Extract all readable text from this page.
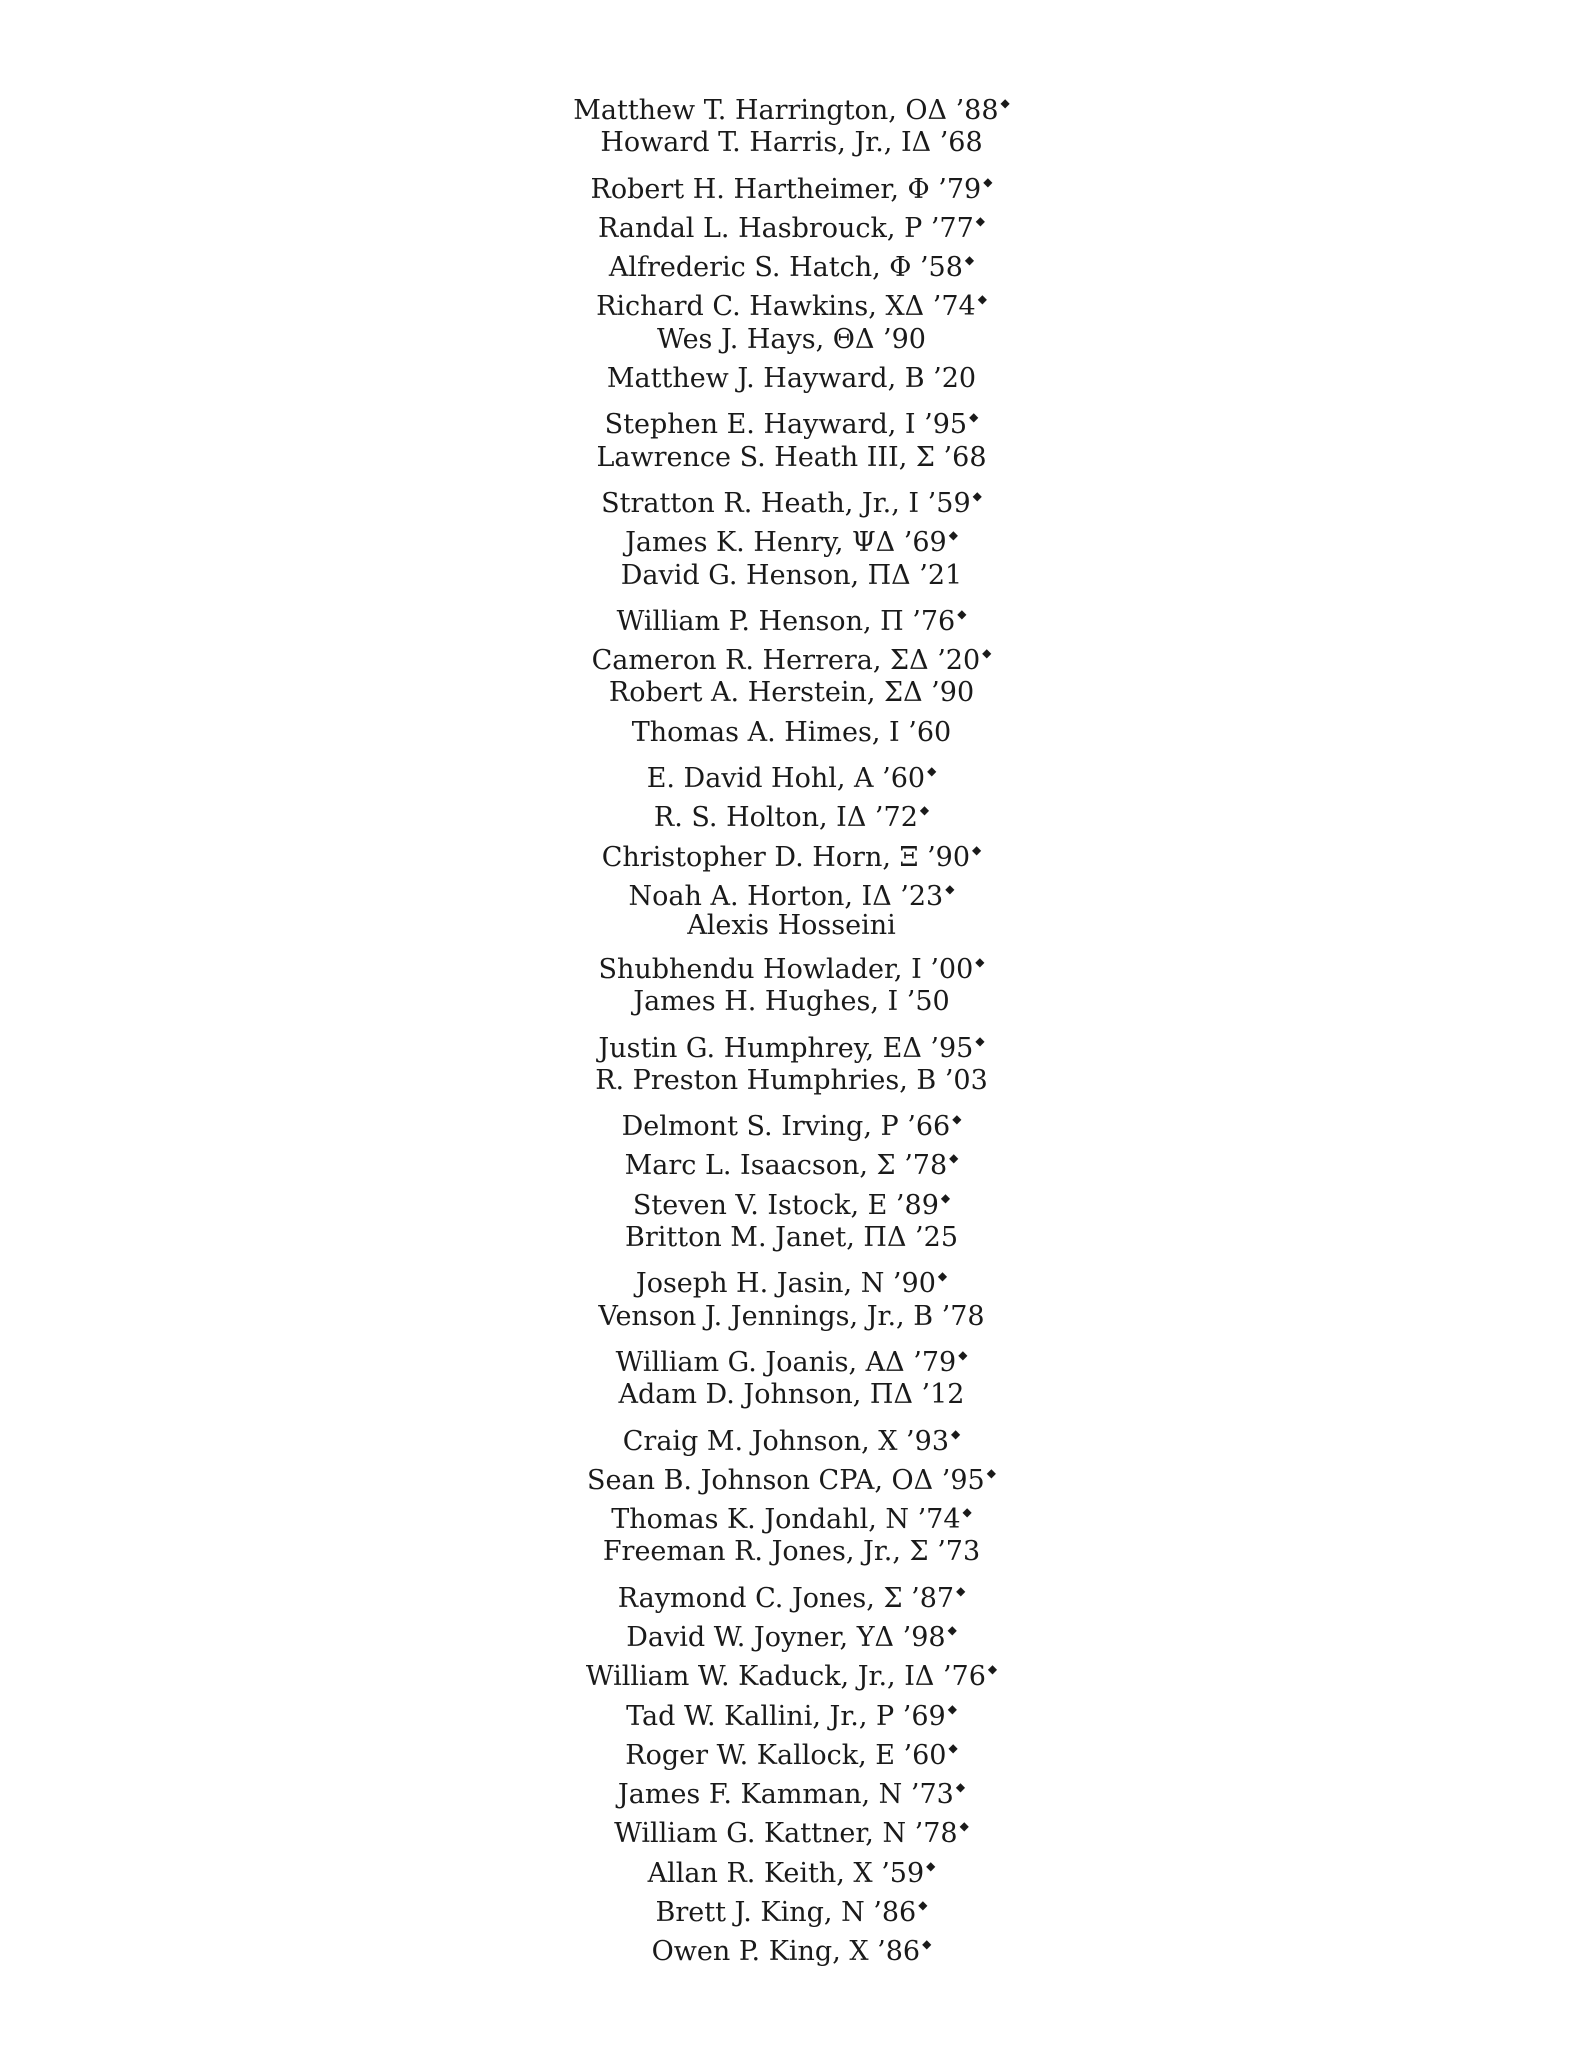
Matthew T. Harrington, ΟΔ ’88 ◆
Howard T. Harris, Jr., ΙΔ ’68
Robert H. Hartheimer, Φ ’79 ◆
Randal L. Hasbrouck, Ρ ’77 ◆
Alfrederic S. Hatch, Φ ’58 ◆
Richard C. Hawkins, ΧΔ ’74 ◆
Wes J. Hays, ΘΔ ’90
Matthew J. Hayward, Β ’20
Stephen E. Hayward, Ι ’95 ◆
Lawrence S. Heath III, Σ ’68
Stratton R. Heath, Jr., Ι ’59 ◆
James K. Henry, ΨΔ ’69 ◆
David G. Henson, ΠΔ ’21
William P. Henson, Π ’76 ◆
Cameron R. Herrera, ΣΔ ’20 ◆
Robert A. Herstein, ΣΔ ’90
Thomas A. Himes, Ι ’60
E. David Hohl, Α ’60 ◆
R. S. Holton, ΙΔ ’72 ◆
Christopher D. Horn, Ξ ’90 ◆
Noah A. Horton, ΙΔ ’23 ◆
Alexis Hosseini
Shubhendu Howlader, Ι ’00 ◆
James H. Hughes, Ι ’50
Justin G. Humphrey, ΕΔ ’95 ◆
R. Preston Humphries, Β ’03
Delmont S. Irving, Ρ ’66 ◆
Marc L. Isaacson, Σ ’78 ◆
Steven V. Istock, Ε ’89 ◆
Britton M. Janet, ΠΔ ’25
Joseph H. Jasin, Ν ’90 ◆
Venson J. Jennings, Jr., Β ’78
William G. Joanis, ΑΔ ’79 ◆
Adam D. Johnson, ΠΔ ’12
Craig M. Johnson, Χ ’93 ◆
Sean B. Johnson CPA, ΟΔ ’95 ◆
Thomas K. Jondahl, Ν ’74 ◆
Freeman R. Jones, Jr., Σ ’73
Raymond C. Jones, Σ ’87 ◆
David W. Joyner, ΥΔ ’98 ◆
William W. Kaduck, Jr., ΙΔ ’76 ◆
Tad W. Kallini, Jr., Ρ ’69 ◆
Roger W. Kallock, Ε ’60 ◆
James F. Kamman, Ν ’73 ◆
William G. Kattner, Ν ’78 ◆
Allan R. Keith, Χ ’59 ◆
Brett J. King, Ν ’86 ◆
Owen P. King, Χ ’86 ◆
